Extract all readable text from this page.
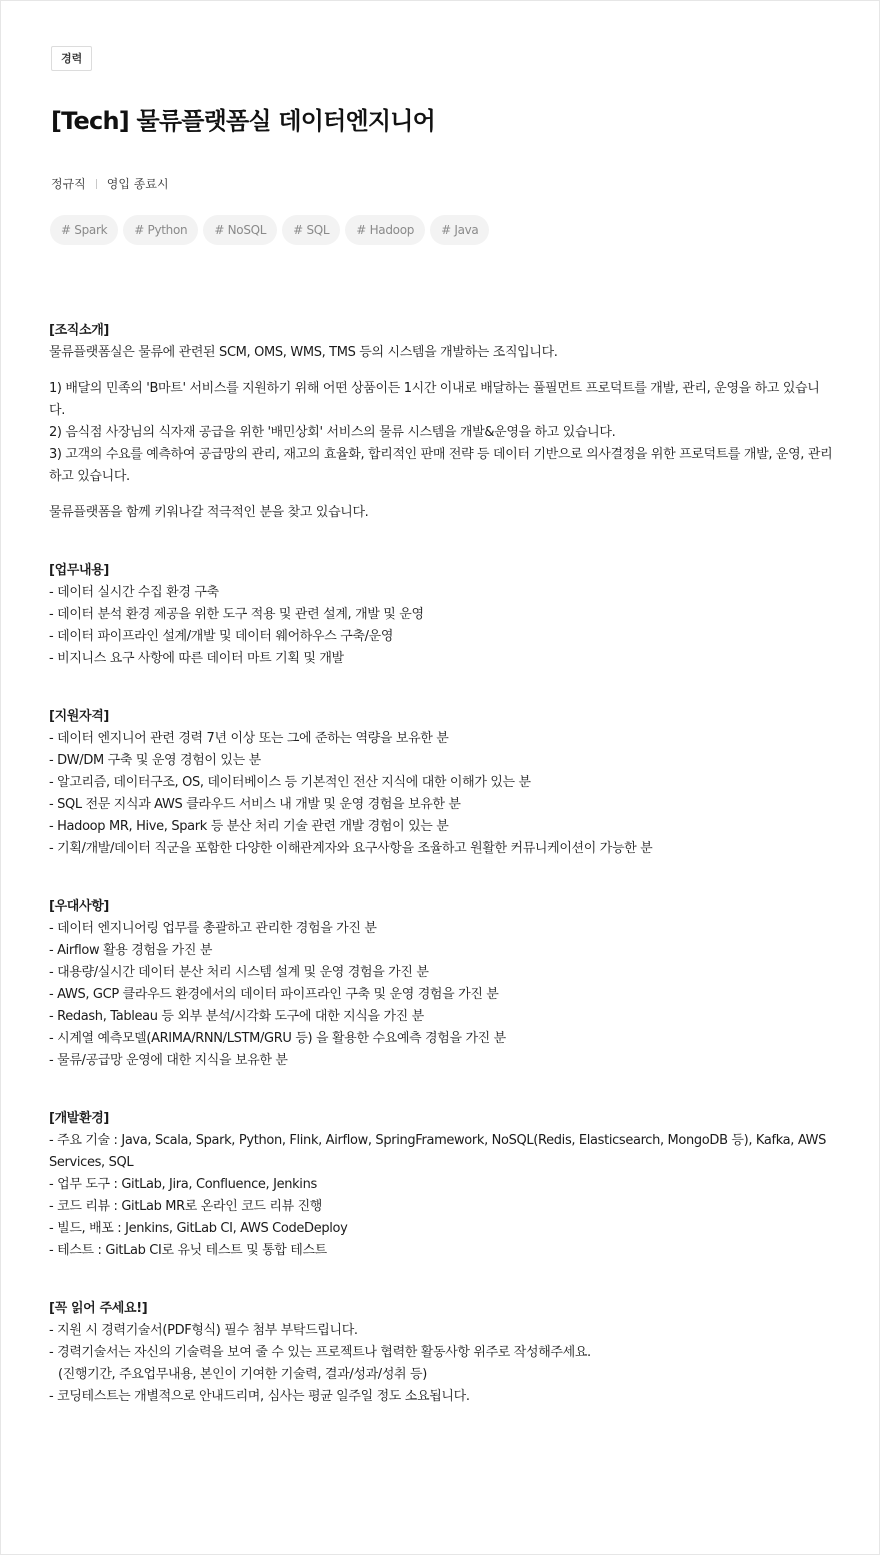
경력
[Tech] 물류플랫폼실 데이터엔지니어
정규직 영입 종료시
# Spark	# Python	# NoSQL	# SQL	# Hadoop	# Java

[조직소개]
물류플랫폼실은 물류에 관련된 SCM, OMS, WMS, TMS 등의 시스템을 개발하는 조직입니다.

1) 배달의 민족의 'B마트' 서비스를 지원하기 위해 어떤 상품이든 1시간 이내로 배달하는 풀필먼트 프로덕트를 개발, 관리, 운영을 하고 있습니다.
2) 음식점 사장님의 식자재 공급을 위한 '배민상회' 서비스의 물류 시스템을 개발&운영을 하고 있습니다.
3) 고객의 수요를 예측하여 공급망의 관리, 재고의 효율화, 합리적인 판매 전략 등 데이터 기반으로 의사결정을 위한 프로덕트를 개발, 운영, 관리하고 있습니다.

물류플랫폼을 함께 키워나갈 적극적인 분을 찾고 있습니다.

[업무내용]
- 데이터 실시간 수집 환경 구축
- 데이터 분석 환경 제공을 위한 도구 적용 및 관련 설계, 개발 및 운영
- 데이터 파이프라인 설계/개발 및 데이터 웨어하우스 구축/운영
- 비지니스 요구 사항에 따른 데이터 마트 기획 및 개발
[지원자격]
- 데이터 엔지니어 관련 경력 7년 이상 또는 그에 준하는 역량을 보유한 분
- DW/DM 구축 및 운영 경험이 있는 분
- 알고리즘, 데이터구조, OS, 데이터베이스 등 기본적인 전산 지식에 대한 이해가 있는 분
- SQL 전문 지식과 AWS 클라우드 서비스 내 개발 및 운영 경험을 보유한 분
- Hadoop MR, Hive, Spark 등 분산 처리 기술 관련 개발 경험이 있는 분
- 기획/개발/데이터 직군을 포함한 다양한 이해관계자와 요구사항을 조율하고 원활한 커뮤니케이션이 가능한 분
[우대사항]
- 데이터 엔지니어링 업무를 총괄하고 관리한 경험을 가진 분
- Airflow 활용 경험을 가진 분
- 대용량/실시간 데이터 분산 처리 시스템 설계 및 운영 경험을 가진 분
- AWS, GCP 클라우드 환경에서의 데이터 파이프라인 구축 및 운영 경험을 가진 분
- Redash, Tableau 등 외부 분석/시각화 도구에 대한 지식을 가진 분
- 시계열 예측모델(ARIMA/RNN/LSTM/GRU 등) 을 활용한 수요예측 경험을 가진 분
- 물류/공급망 운영에 대한 지식을 보유한 분
[개발환경]
- 주요 기술 : Java, Scala, Spark, Python, Flink, Airflow, SpringFramework, NoSQL(Redis, Elasticsearch, MongoDB 등), Kafka, AWS Services, SQL
- 업무 도구 : GitLab, Jira, Confluence, Jenkins
- 코드 리뷰 : GitLab MR로 온라인 코드 리뷰 진행
- 빌드, 배포 : Jenkins, GitLab CI, AWS CodeDeploy
- 테스트 : GitLab CI로 유닛 테스트 및 통합 테스트
[꼭 읽어 주세요!]
- 지원 시 경력기술서(PDF형식) 필수 첨부 부탁드립니다.
- 경력기술서는 자신의 기술력을 보여 줄 수 있는 프로젝트나 협력한 활동사항 위주로 작성해주세요.
(진행기간, 주요업무내용, 본인이 기여한 기술력, 결과/성과/성취 등)
- 코딩테스트는 개별적으로 안내드리며, 심사는 평균 일주일 정도 소요됩니다.
